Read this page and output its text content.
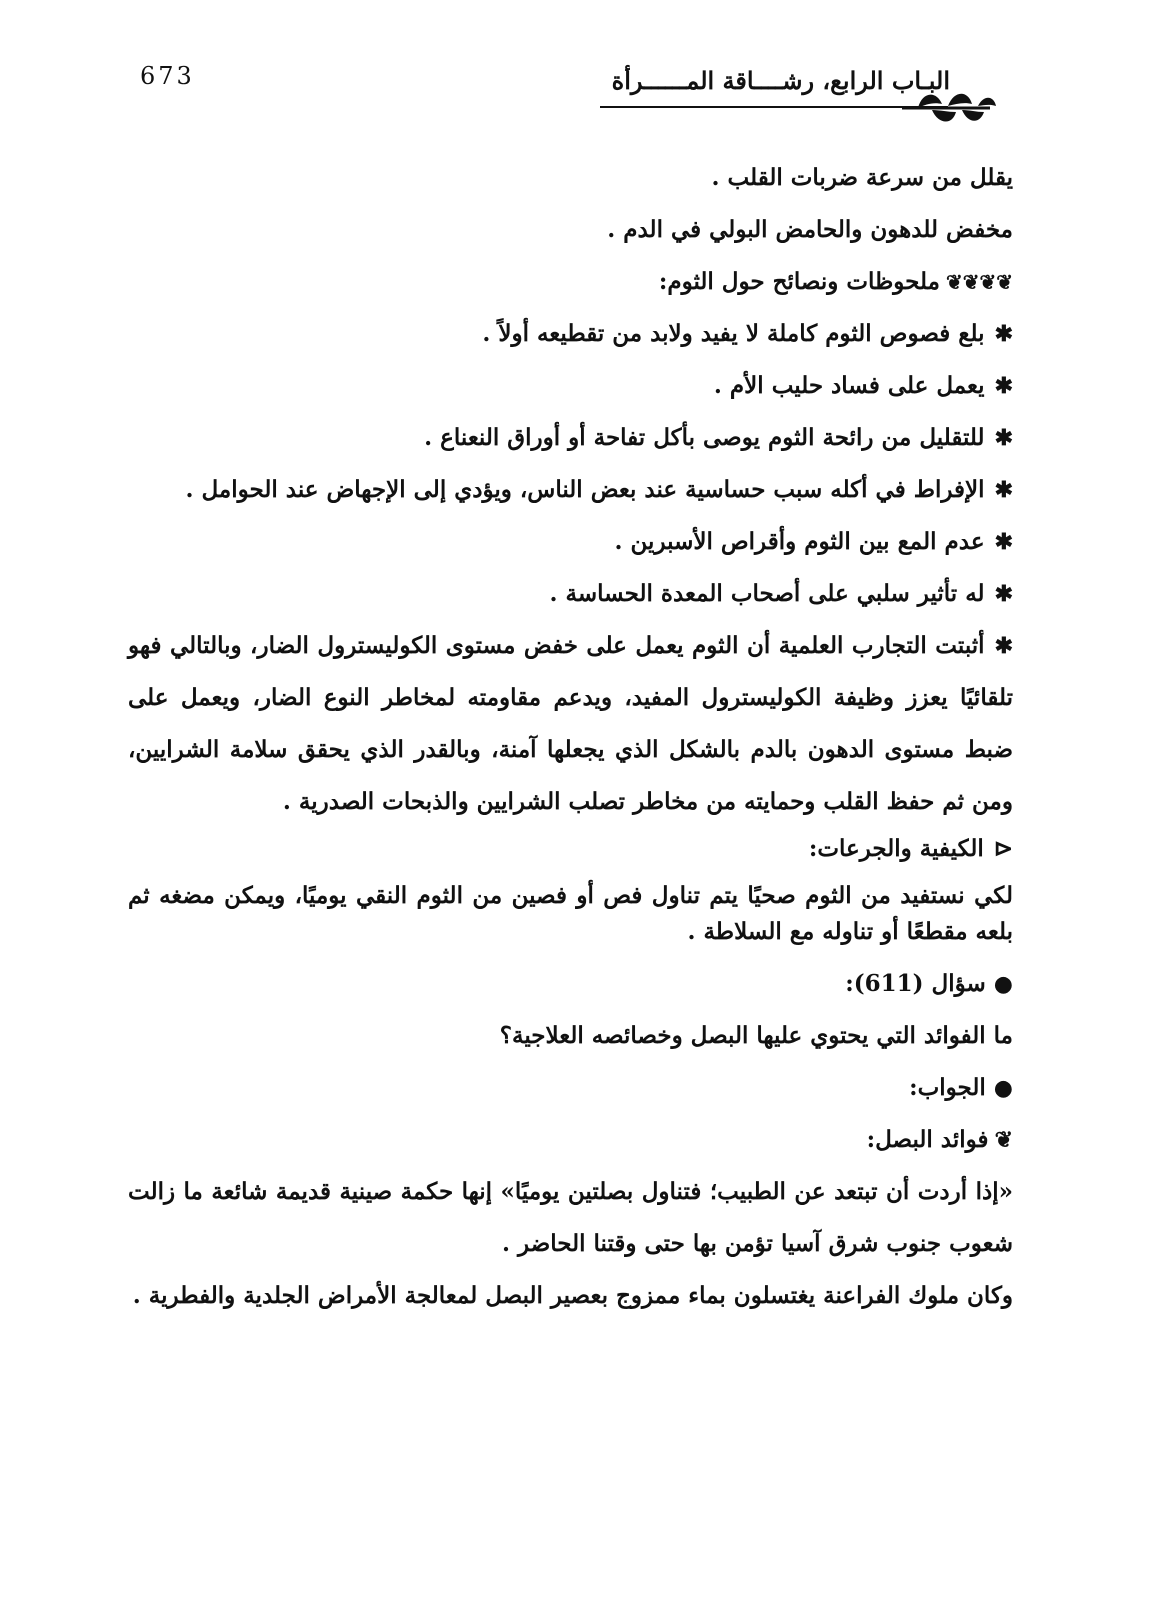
673	البـاب الرابع، رشــــاقة المــــــرأة
يقلل من سرعة ضربات القلب .
مخفض للدهون والحامض البولي في الدم .
❦❦❦❦ملحوظات ونصائح حول الثوم:
✱بلع فصوص الثوم كاملة لا يفيد ولابد من تقطيعه أولاً .
✱يعمل على فساد حليب الأم .
✱للتقليل من رائحة الثوم يوصى بأكل تفاحة أو أوراق النعناع .
✱الإفراط في أكله سبب حساسية عند بعض الناس، ويؤدي إلى الإجهاض عند الحوامل .
✱عدم المع بين الثوم وأقراص الأسبرين .
✱له تأثير سلبي على أصحاب المعدة الحساسة .
✱أثبتت التجارب العلمية أن الثوم يعمل على خفض مستوى الكوليسترول الضار، وبالتالي فهو تلقائيًا يعزز وظيفة الكوليسترول المفيد، ويدعم مقاومته لمخاطر النوع الضار، ويعمل على ضبط مستوى الدهون بالدم بالشكل الذي يجعلها آمنة، وبالقدر الذي يحقق سلامة الشرايين، ومن ثم حفظ القلب وحمايته من مخاطر تصلب الشرايين والذبحات الصدرية .
⊲الكيفية والجرعات:
لكي نستفيد من الثوم صحيًا يتم تناول فص أو فصين من الثوم النقي يوميًا، ويمكن مضغه ثم بلعه مقطعًا أو تناوله مع السلاطة .
●سؤال (611):
ما الفوائد التي يحتوي عليها البصل وخصائصه العلاجية؟
●الجواب:
❦فوائد البصل:
«إذا أردت أن تبتعد عن الطبيب؛ فتناول بصلتين يوميًا» إنها حكمة صينية قديمة شائعة ما زالت شعوب جنوب شرق آسيا تؤمن بها حتى وقتنا الحاضر .
وكان ملوك الفراعنة يغتسلون بماء ممزوج بعصير البصل لمعالجة الأمراض الجلدية والفطرية .
